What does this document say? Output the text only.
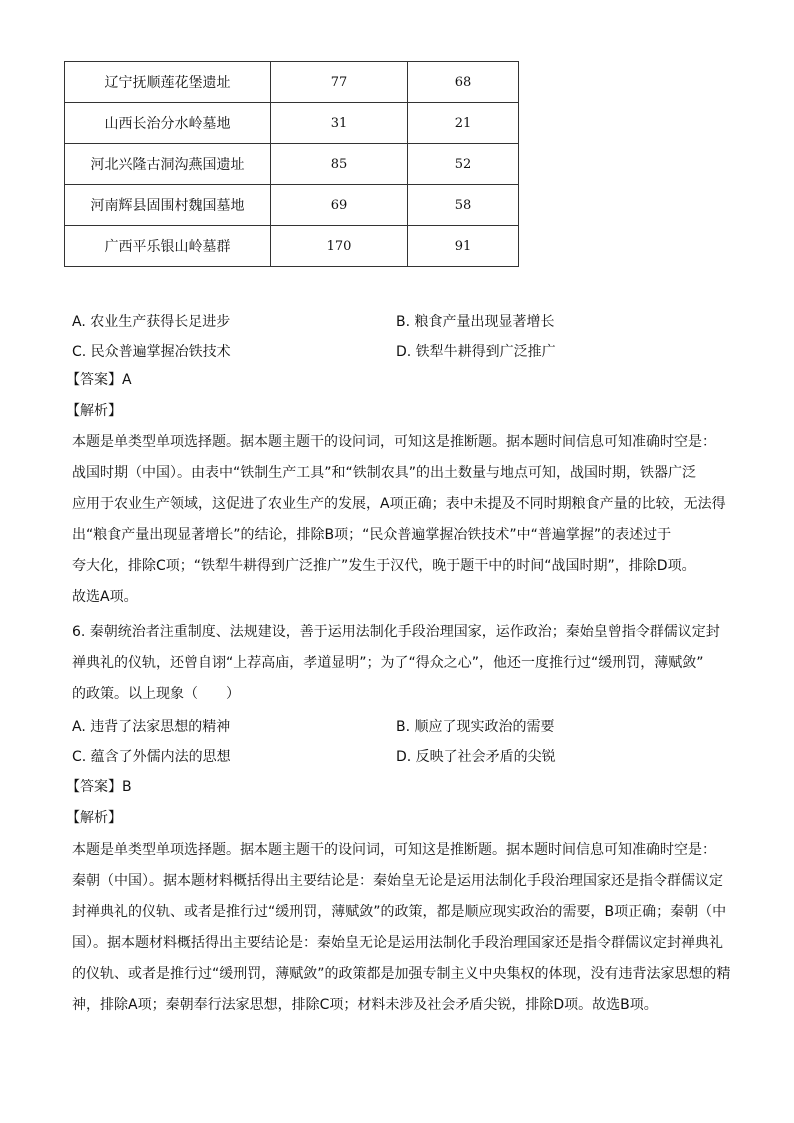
辽宁抚顺莲花堡遗址	77	68
山西长治分水岭墓地	31	21
河北兴隆古洞沟燕国遗址	85	52
河南辉县固围村魏国墓地	69	58
广西平乐银山岭墓群	170	91
A. 农业生产获得长足进步	B. 粮食产量出现显著增长
C. 民众普遍掌握冶铁技术	D. 铁犁牛耕得到广泛推广
【答案】A
【解析】
本题是单类型单项选择题。据本题主题干的设问词，可知这是推断题。据本题时间信息可知准确时空是：
战国时期（中国）。由表中“铁制生产工具”和“铁制农具”的出土数量与地点可知，战国时期，铁器广泛
应用于农业生产领域，这促进了农业生产的发展，A项正确；表中未提及不同时期粮食产量的比较，无法得
出“粮食产量出现显著增长”的结论，排除B项；“民众普遍掌握冶铁技术”中“普遍掌握”的表述过于
夸大化，排除C项；“铁犁牛耕得到广泛推广”发生于汉代，晚于题干中的时间“战国时期”，排除D项。
故选A项。
6. 秦朝统治者注重制度、法规建设，善于运用法制化手段治理国家，运作政治；秦始皇曾指令群儒议定封
禅典礼的仪轨，还曾自诩“上荐高庙，孝道显明”；为了“得众之心”，他还一度推行过“缓刑罚，薄赋敛”
的政策。以上现象（　　）
A. 违背了法家思想的精神	B. 顺应了现实政治的需要
C. 蕴含了外儒内法的思想	D. 反映了社会矛盾的尖锐
【答案】B
【解析】
本题是单类型单项选择题。据本题主题干的设问词，可知这是推断题。据本题时间信息可知准确时空是：
秦朝（中国）。据本题材料概括得出主要结论是：秦始皇无论是运用法制化手段治理国家还是指令群儒议定
封禅典礼的仪轨、或者是推行过“缓刑罚，薄赋敛”的政策，都是顺应现实政治的需要，B项正确；秦朝（中
国）。据本题材料概括得出主要结论是：秦始皇无论是运用法制化手段治理国家还是指令群儒议定封禅典礼
的仪轨、或者是推行过“缓刑罚，薄赋敛”的政策都是加强专制主义中央集权的体现，没有违背法家思想的精
神，排除A项；秦朝奉行法家思想，排除C项；材料未涉及社会矛盾尖锐，排除D项。故选B项。
